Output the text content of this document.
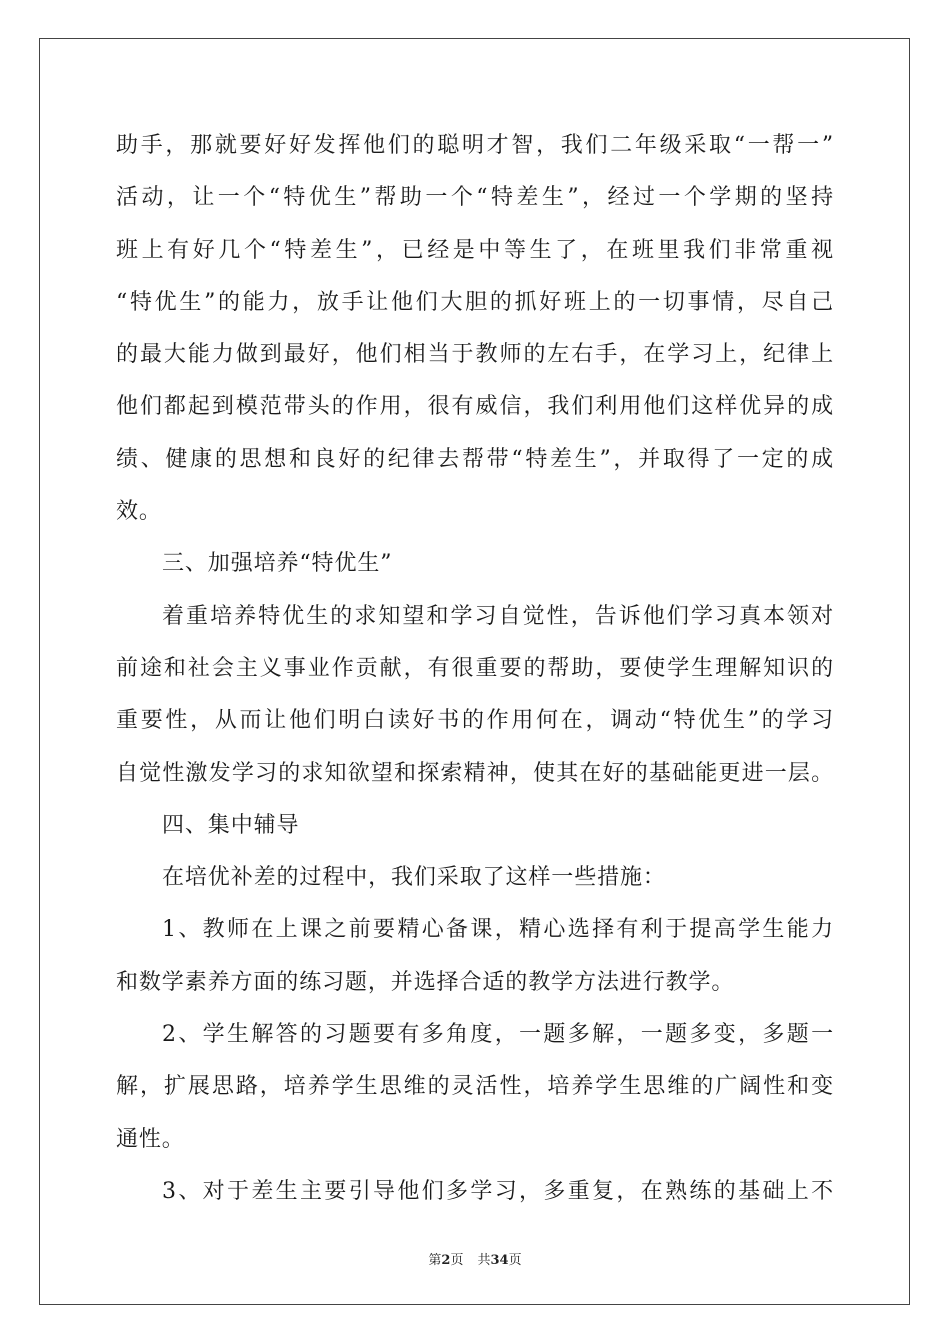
助手，那就要好好发挥他们的聪明才智，我们二年级采取“一帮一”
活动，让一个“特优生”帮助一个“特差生”，经过一个学期的坚持
班上有好几个“特差生”，已经是中等生了，在班里我们非常重视
“特优生”的能力，放手让他们大胆的抓好班上的一切事情，尽自己
的最大能力做到最好，他们相当于教师的左右手，在学习上，纪律上
他们都起到模范带头的作用，很有威信，我们利用他们这样优异的成
绩、健康的思想和良好的纪律去帮带“特差生”，并取得了一定的成
效。
三、加强培养“特优生”
着重培养特优生的求知望和学习自觉性，告诉他们学习真本领对
前途和社会主义事业作贡献，有很重要的帮助，要使学生理解知识的
重要性，从而让他们明白读好书的作用何在，调动“特优生”的学习
自觉性激发学习的求知欲望和探索精神，使其在好的基础能更进一层。
四、集中辅导
在培优补差的过程中，我们采取了这样一些措施：
1、教师在上课之前要精心备课，精心选择有利于提高学生能力
和数学素养方面的练习题，并选择合适的教学方法进行教学。
2、学生解答的习题要有多角度，一题多解，一题多变，多题一
解，扩展思路，培养学生思维的灵活性，培养学生思维的广阔性和变
通性。
3、对于差生主要引导他们多学习，多重复，在熟练的基础上不
第2页 共34页
